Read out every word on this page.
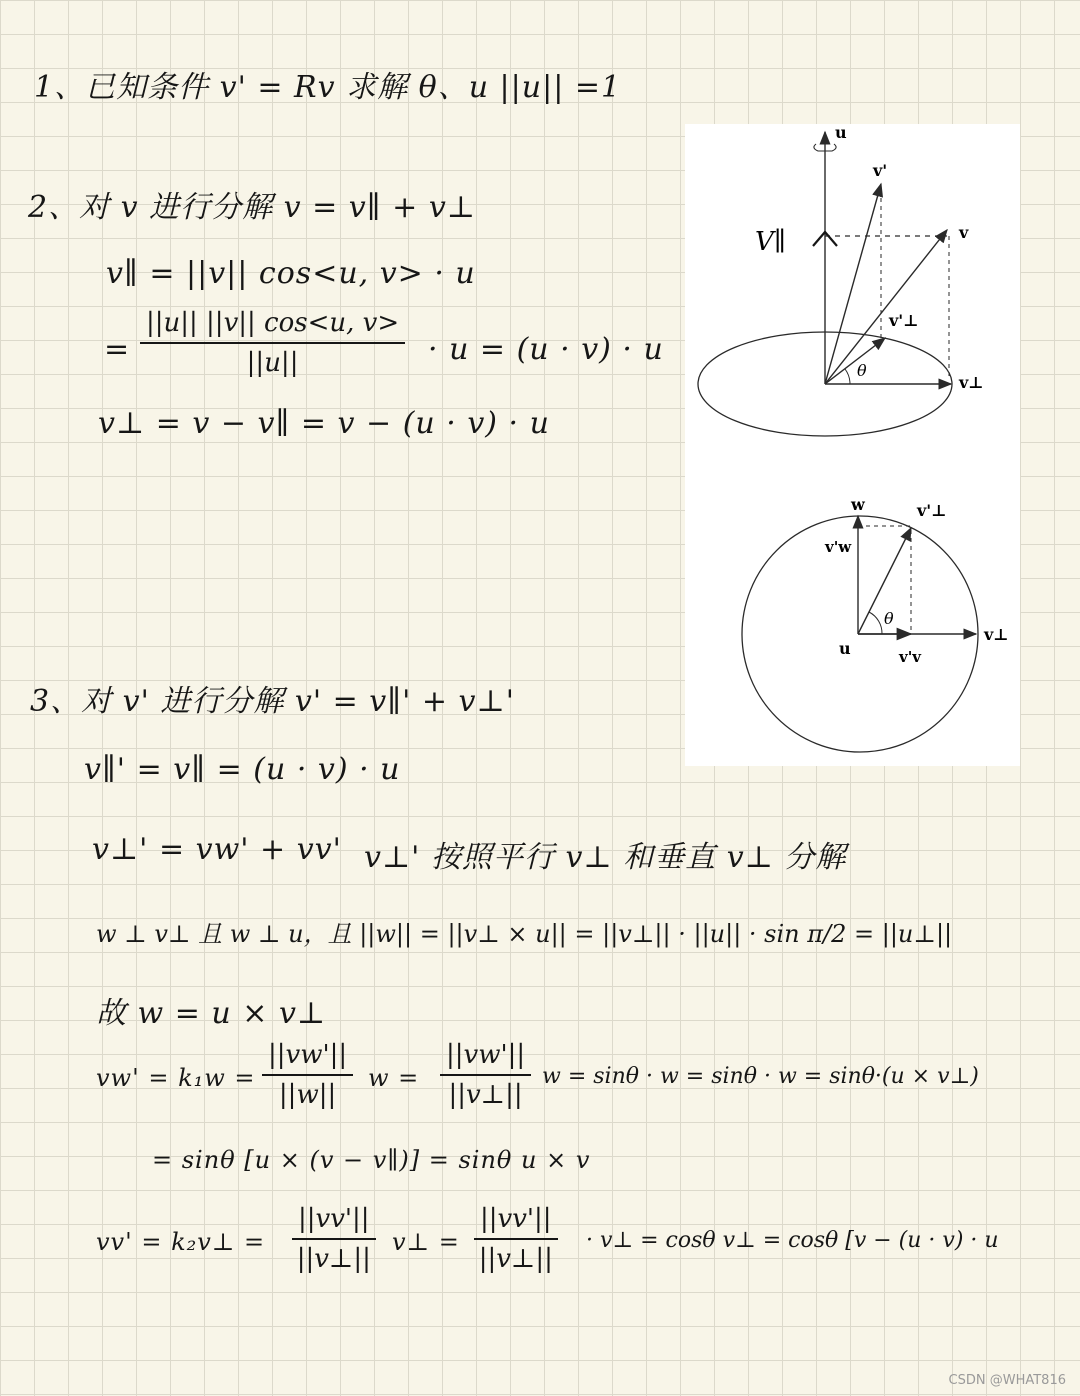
1、已知条件 v' = Rv 求解 θ、u ||u|| =1
2、对 v 进行分解 v = v∥ + v⊥
v∥ = ||v|| cos<u, v> · u
= $\frac{||u|| ||v|| \cos<u, v>}{||u||} \cdot u = (u \cdot v) \cdot u$
v⊥ = v − v∥ = v − (u · v) · u
3、对 v' 进行分解 v' = v∥' + v⊥'
v∥' = v∥ = (u · v) · u
v⊥' = vw' + vv' v⊥' 按照平行 v⊥ 和垂直 v⊥ 分解
w ⊥ v⊥ 且 w ⊥ u，且 ||w|| = ||v⊥ × u|| = ||v⊥|| · ||u|| · sin π/2 = ||u⊥||
故 w = u × v⊥
$vw' = k_1w = \frac{||vw'||}{||w||}$ $w = \frac{||vw'||}{||v\perp||}$ w = sinθ · w = sinθ · w = sinθ·(u × v⊥)
= sinθ [u × (v − v∥)] = sinθ u × v
vv' = k₂v⊥ = $\frac{||vv'||}{||v\perp||}$ v⊥ = $\frac{||vv'||}{||v\perp||}$ · v⊥ = cosθ v⊥ = cosθ [v − (u · v) · u
u
v'
v
V∥
v'⊥
v⊥
θ
w
v'w
v'⊥
θ
u	v'v
v⊥
CSDN @WHAT816
